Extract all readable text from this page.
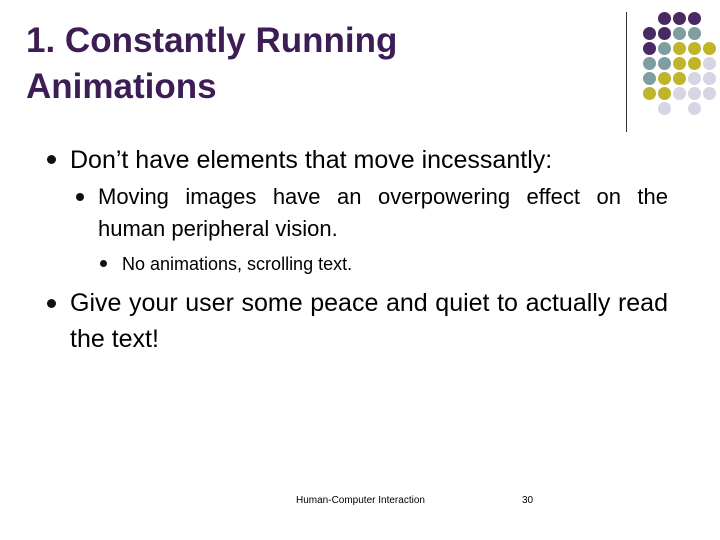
1. Constantly Running
Animations

Don’t have elements that move incessantly:

Moving images have an overpowering effect on the human peripheral vision.

No animations, scrolling text.

Give your user some peace and quiet to actually read the text!

Human-Computer Interaction	30
